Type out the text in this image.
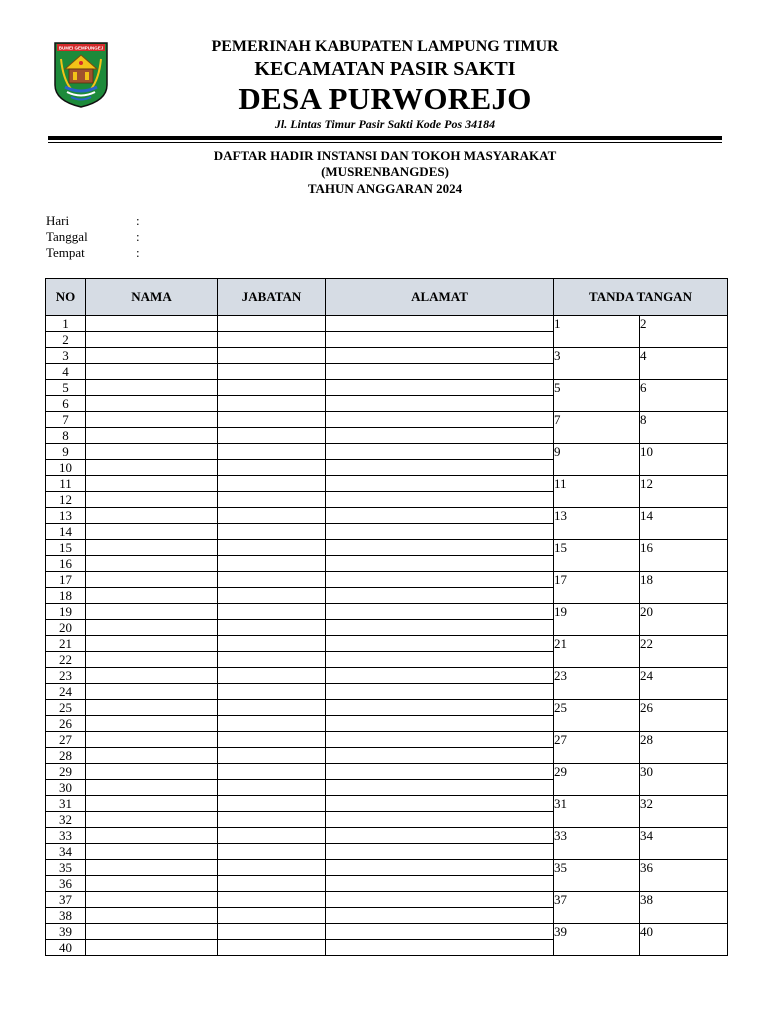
BUMEI GEMPUNGEJ	PEMERINAH KABUPATEN LAMPUNG TIMUR
KECAMATAN PASIR SAKTI
DESA PURWOREJO
Jl. Lintas Timur Pasir Sakti Kode Pos 34184
DAFTAR HADIR INSTANSI DAN TOKOH MASYARAKAT
(MUSRENBANGDES)
TAHUN ANGGARAN 2024
Hari	:
Tanggal	:
Tempat	:
NO	NAMA	JABATAN	ALAMAT	TANDA TANGAN	
1				1	2
2					
3				3	4
4					
5				5	6
6					
7				7	8
8					
9				9	10
10					
11				11	12
12					
13				13	14
14					
15				15	16
16					
17				17	18
18					
19				19	20
20					
21				21	22
22					
23				23	24
24					
25				25	26
26					
27				27	28
28					
29				29	30
30					
31				31	32
32					
33				33	34
34					
35				35	36
36					
37				37	38
38					
39				39	40
40					
